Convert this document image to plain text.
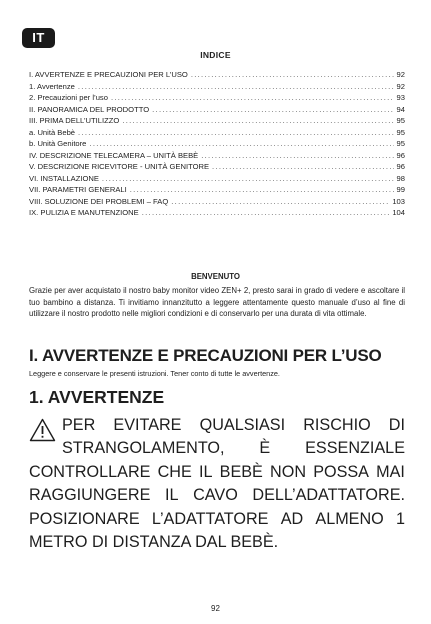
IT
INDICE
I. AVVERTENZE E PRECAUZIONI PER L’USO .....	92
1. Avvertenze .....	92
2. Precauzioni per l’uso .....	93
II. PANORAMICA DEL PRODOTTO .....	94
III. PRIMA DELL’UTILIZZO .....	95
a. Unità Bebè .....	95
b. Unità Genitore .....	95
IV. DESCRIZIONE TELECAMERA – UNITÀ BEBÈ .....	96
V. DESCRIZIONE RICEVITORE - UNITÀ GENITORE .....	96
VI. INSTALLAZIONE .....	98
VII. PARAMETRI GENERALI .....	99
VIII. SOLUZIONE DEI PROBLEMI – FAQ .....	103
IX. PULIZIA E MANUTENZIONE .....	104
BENVENUTO
Grazie per aver acquistato il nostro baby monitor video ZEN+ 2, presto sarai in grado di vedere e ascoltare il tuo bambino a distanza. Ti invitiamo innanzitutto a leggere attentamente questo manuale d’uso al fine di utilizzare il nostro prodotto nelle migliori condizioni e di conservarlo per una durata di vita ottimale.
I. AVVERTENZE E PRECAUZIONI PER L’USO
Leggere e conservare le presenti istruzioni. Tener conto di tutte le avvertenze.
1. AVVERTENZE
PER EVITARE QUALSIASI RISCHIO DI
STRANGOLAMENTO, È ESSENZIALE
CONTROLLARE CHE IL BEBÈ NON POSSA MAI
RAGGIUNGERE IL CAVO DELL’ADATTATORE.
POSIZIONARE L’ADATTATORE AD ALMENO 1
METRO DI DISTANZA DAL BEBÈ.
92
